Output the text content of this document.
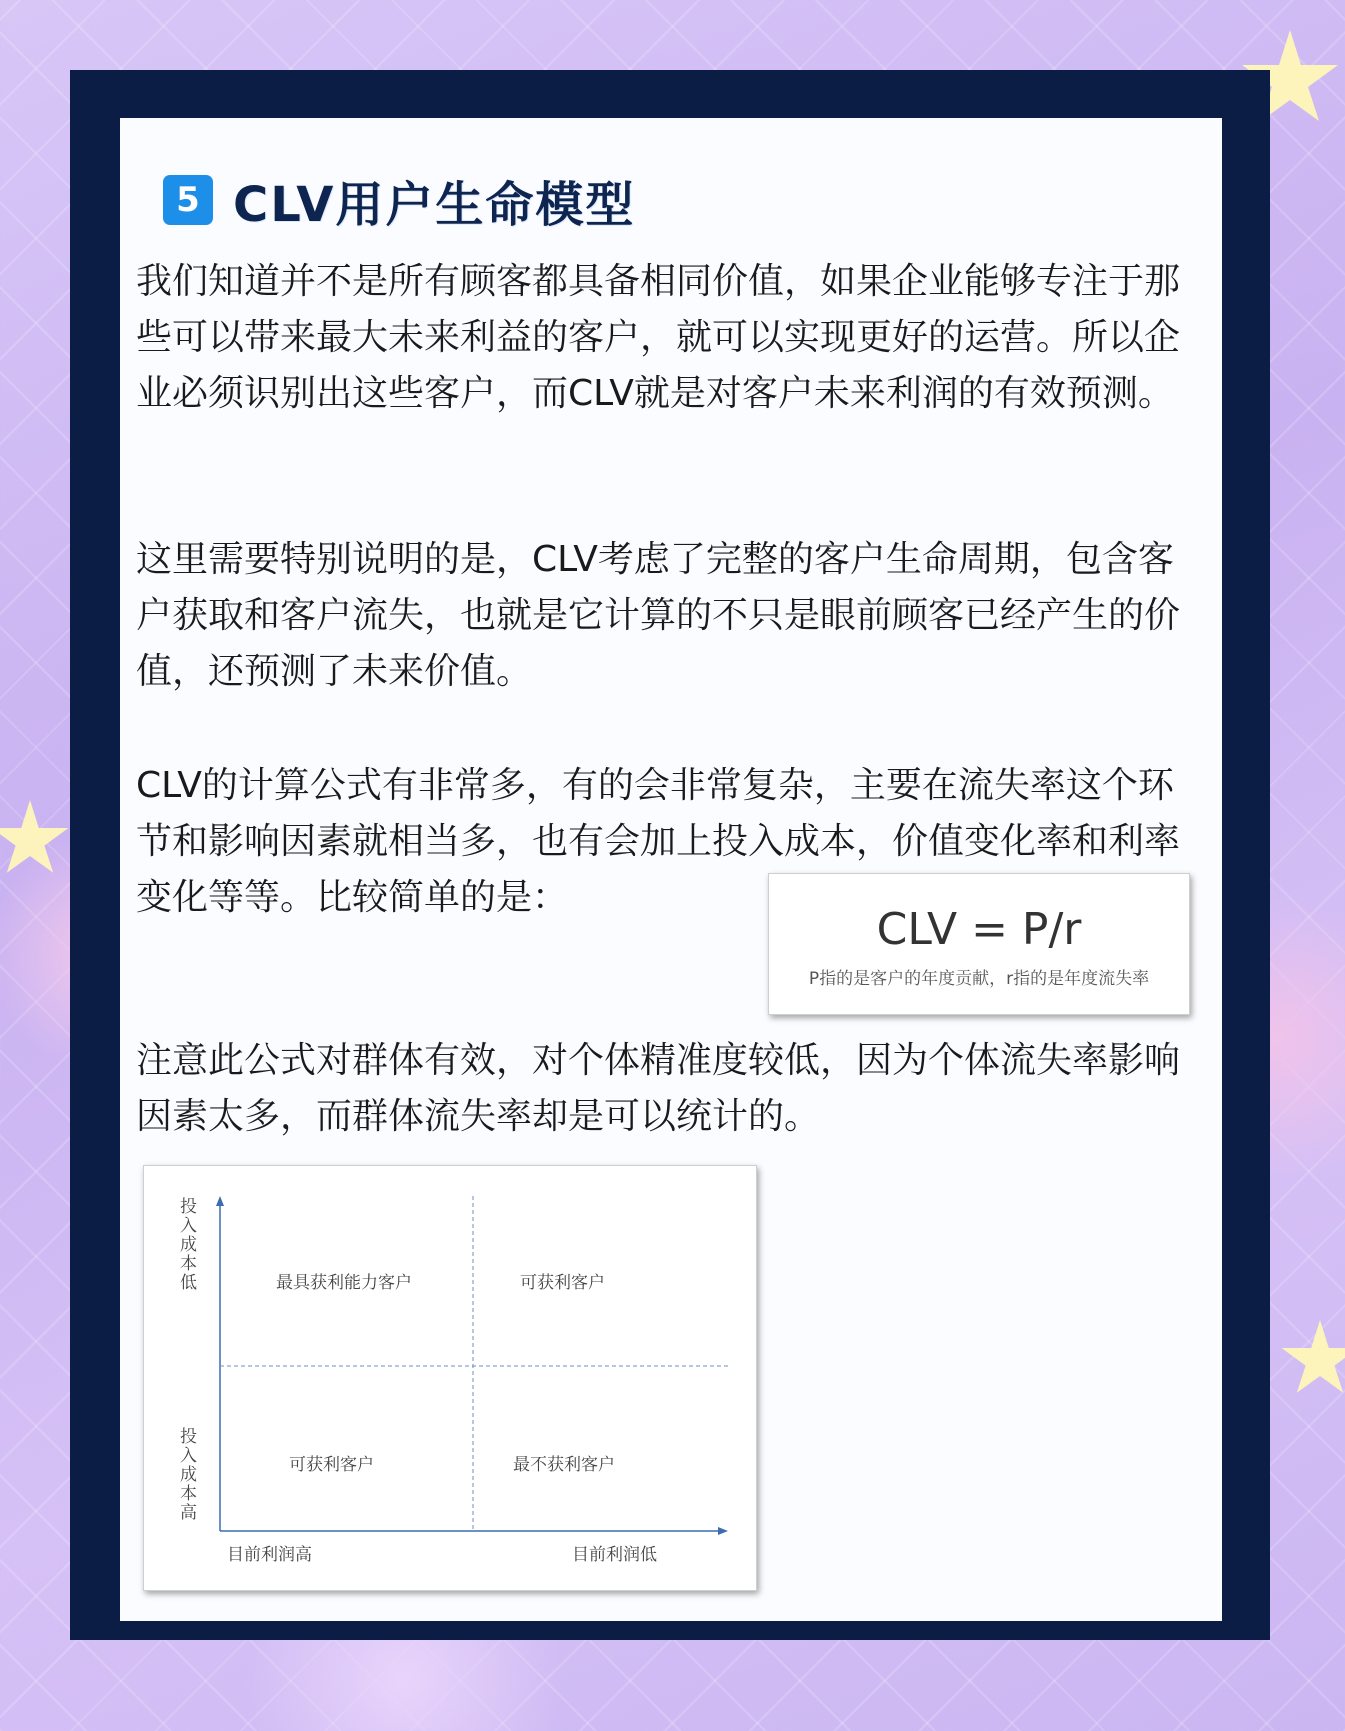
5 CLV用户生命模型

我们知道并不是所有顾客都具备相同价值，如果企业能够专注于那些可以带来最大未来利益的客户，就可以实现更好的运营。所以企业必须识别出这些客户，而CLV就是对客户未来利润的有效预测。

这里需要特别说明的是，CLV考虑了完整的客户生命周期，包含客户获取和客户流失，也就是它计算的不只是眼前顾客已经产生的价值，还预测了未来价值。

CLV的计算公式有非常多，有的会非常复杂，主要在流失率这个环节和影响因素就相当多，也有会加上投入成本，价值变化率和利率变化等等。比较简单的是：

CLV = P/r
P指的是客户的年度贡献，r指的是年度流失率

注意此公式对群体有效，对个体精准度较低，因为个体流失率影响因素太多，而群体流失率却是可以统计的。

投入成本低
投入成本高
最具获利能力客户	可获利客户
可获利客户	最不获利客户
目前利润高	目前利润低
